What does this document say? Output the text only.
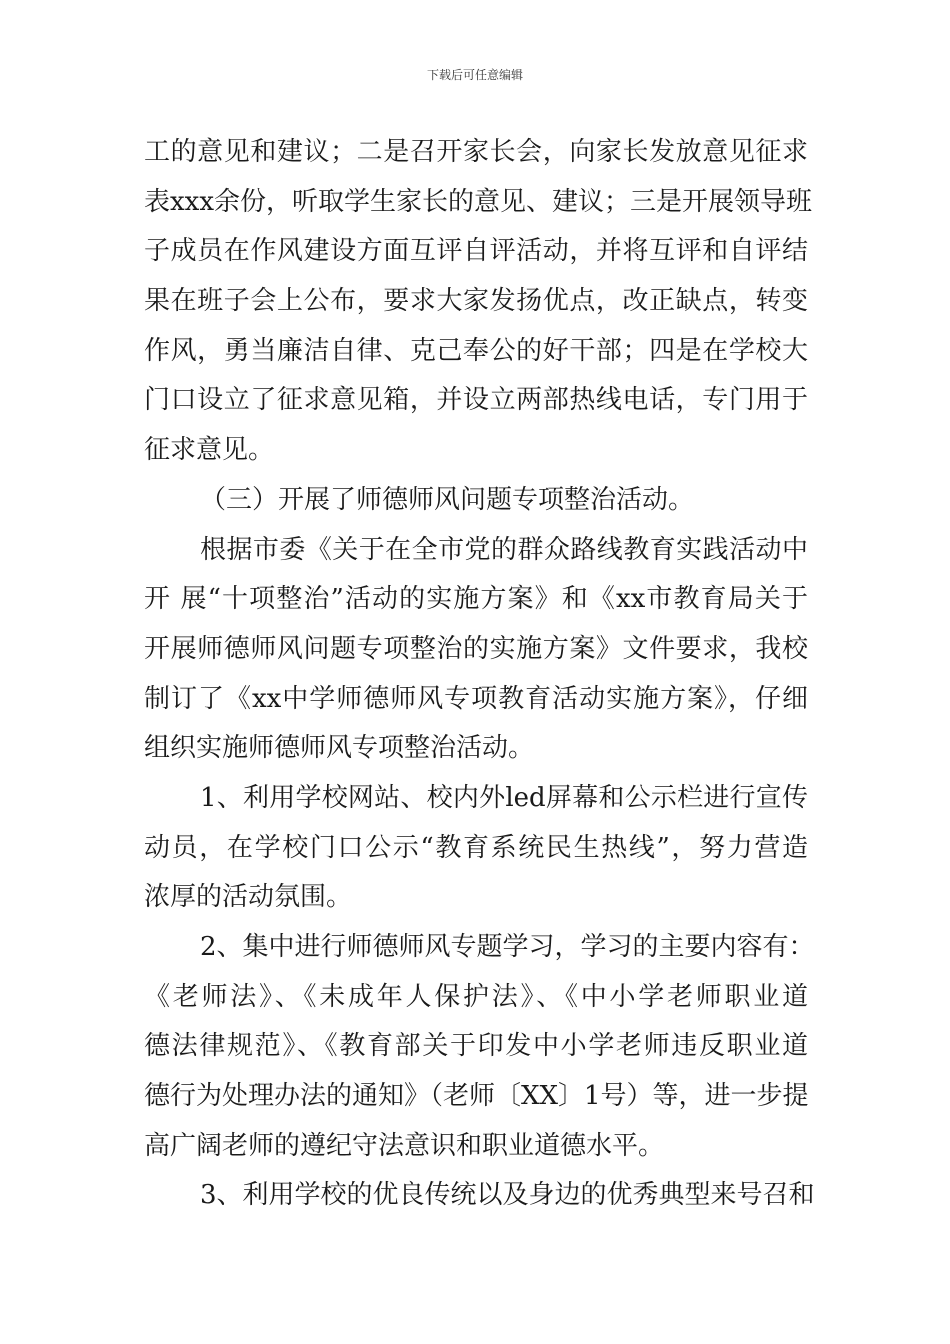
下载后可任意编辑
工的意见和建议；二是召开家长会，向家长发放意见征求
表xxx余份，听取学生家长的意见、建议；三是开展领导班
子成员在作风建设方面互评自评活动，并将互评和自评结
果在班子会上公布，要求大家发扬优点，改正缺点，转变
作风，勇当廉洁自律、克己奉公的好干部；四是在学校大
门口设立了征求意见箱，并设立两部热线电话，专门用于
征求意见。
（三）开展了师德师风问题专项整治活动。
根据市委《关于在全市党的群众路线教育实践活动中
开 展“十项整治”活动的实施方案》和《xx市教育局关于
开展师德师风问题专项整治的实施方案》文件要求，我校
制订了《xx中学师德师风专项教育活动实施方案》，仔细
组织实施师德师风专项整治活动。
1、利用学校网站、校内外led屏幕和公示栏进行宣传
动员，在学校门口公示“教育系统民生热线”，努力营造
浓厚的活动氛围。
2、集中进行师德师风专题学习，学习的主要内容有：
《老师法》、《未成年人保护法》、《中小学老师职业道
德法律规范》、《教育部关于印发中小学老师违反职业道
德行为处理办法的通知》（老师〔XX〕1号）等，进一步提
高广阔老师的遵纪守法意识和职业道德水平。
3、利用学校的优良传统以及身边的优秀典型来号召和
